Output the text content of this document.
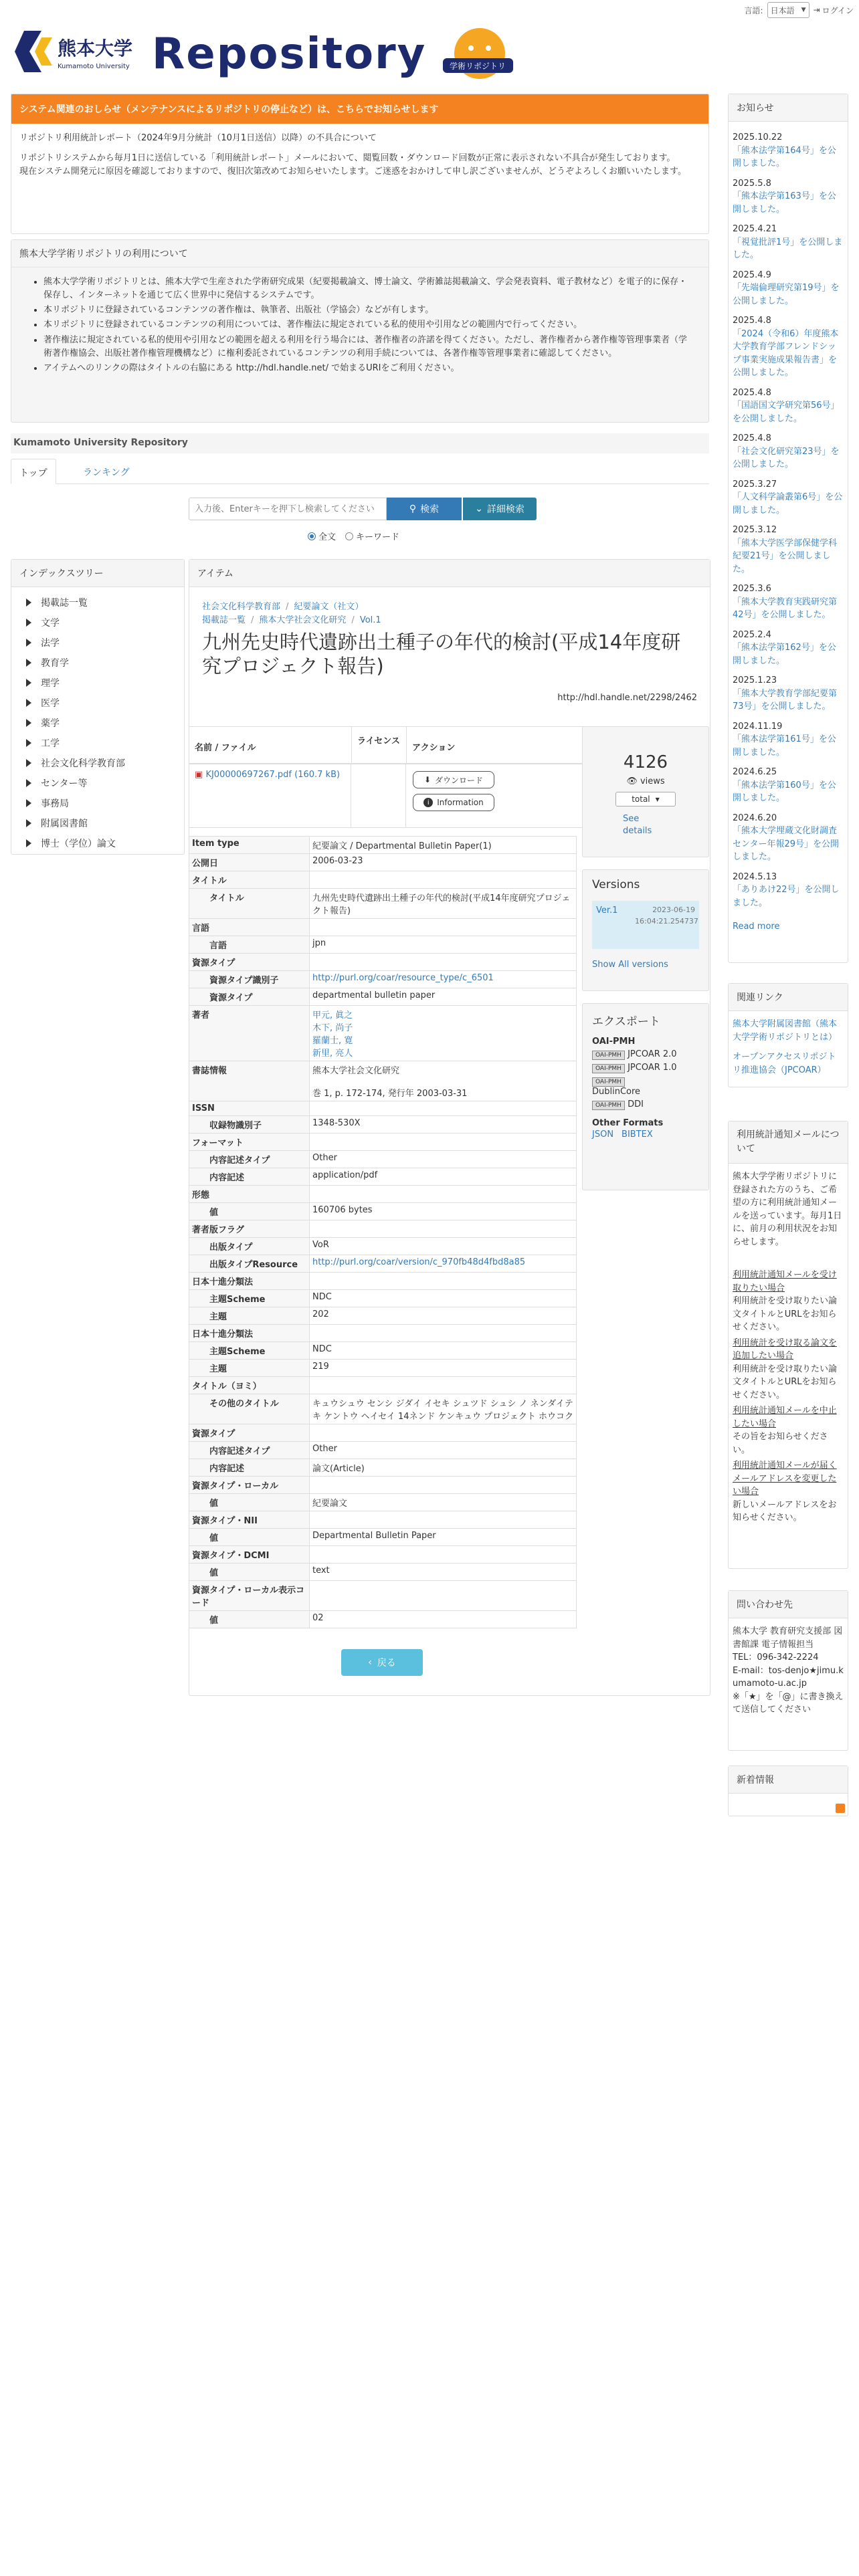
言語: 日本語 ▼ ⇥ ログイン
熊本大学
Kumamoto University Repository	学術リポジトリ
システム関連のおしらせ（メンテナンスによるリポジトリの停止など）は、こちらでお知らせします
リポジトリ利用統計レポート（2024年9月分統計（10月1日送信）以降）の不具合について
リポジトリシステムから毎月1日に送信している「利用統計レポート」メールにおいて、閲覧回数・ダウンロード回数が正常に表示されない不具合が発生しております。
現在システム開発元に原因を確認しておりますので、復旧次第改めてお知らせいたします。ご迷惑をおかけして申し訳ございませんが、どうぞよろしくお願いいたします。
熊本大学学術リポジトリの利用について
• 熊本大学学術リポジトリとは、熊本大学で生産された学術研究成果（紀要掲載論文、博士論文、学術雑誌掲載論文、学会発表資料、電子教材など）を電子的に保存・保存し、インターネットを通じて広く世界中に発信するシステムです。
• 本リポジトリに登録されているコンテンツの著作権は、執筆者、出版社（学協会）などが有します。
• 本リポジトリに登録されているコンテンツの利用については、著作権法に規定されている私的使用や引用などの範囲内で行ってください。
• 著作権法に規定されている私的使用や引用などの範囲を超える利用を行う場合には、著作権者の許諾を得てください。ただし、著作権者から著作権等管理事業者（学術著作権協会、出版社著作権管理機構など）に権利委託されているコンテンツの利用手続については、各著作権等管理事業者に確認してください。
• アイテムへのリンクの際はタイトルの右脇にある http://hdl.handle.net/ で始まるURIをご利用ください。
Kumamoto University Repository
トップ	ランキング
入力後、Enterキーを押下し検索してください
⚲ 検索	⌄ 詳細検索
全文 キーワード
インデックスツリー
掲載誌一覧
文学
法学
教育学
理学
医学
薬学
工学
社会文化科学教育部
センター等
事務局
附属図書館
博士（学位）論文
アイテム
社会文化科学教育部 / 紀要論文（社文）
掲載誌一覧 / 熊本大学社会文化研究 / Vol.1
九州先史時代遺跡出土種子の年代的検討(平成14年度研究プロジェクト報告)
http://hdl.handle.net/2298/2462
名前 / ファイル
ライセンス
アクション
▣ KJ00000697267.pdf (160.7 kB)	⬇ ダウンロード

i Information
4126
👁 views
total ▼
See details
Versions
Ver.1	2023-06-19 16:04:21.254737
Show All versions
エクスポート
OAI-PMH
OAI-PMH JPCOAR 2.0
OAI-PMH JPCOAR 1.0
OAI-PMH
DublinCore
OAI-PMH DDI
Other Formats
JSON BIBTEX
Item type	紀要論文 / Departmental Bulletin Paper(1)
公開日	2006-03-23
タイトル	
タイトル	九州先史時代遺跡出土種子の年代的検討(平成14年度研究プロジェクト報告)
言語	
言語	jpn
資源タイプ	
資源タイプ識別子	http://purl.org/coar/resource_type/c_6501
資源タイプ	departmental bulletin paper
著者	甲元, 眞之
木下, 尚子
羅蘭士, 寛
新里, 亮人
書誌情報	熊本大学社会文化研究

巻 1, p. 172-174, 発行年 2003-03-31
ISSN	
収録物識別子	1348-530X
フォーマット	
内容記述タイプ	Other
内容記述	application/pdf
形態	
値	160706 bytes
著者版フラグ	
出版タイプ	VoR
出版タイプResource	http://purl.org/coar/version/c_970fb48d4fbd8a85
日本十進分類法	
主題Scheme	NDC
主題	202
日本十進分類法	
主題Scheme	NDC
主題	219
タイトル（ヨミ）	
その他のタイトル	キュウシュウ センシ ジダイ イセキ シュツド シュシ ノ ネンダイテキ ケントウ ヘイセイ 14ネンド ケンキュウ プロジェクト ホウコク
資源タイプ	
内容記述タイプ	Other
内容記述	論文(Article)
資源タイプ・ローカル	
値	紀要論文
資源タイプ・NII	
値	Departmental Bulletin Paper
資源タイプ・DCMI	
値	text
資源タイプ・ローカル表示コード	
値	02
‹ 戻る
お知らせ
2025.10.22
「熊本法学第164号」を公開しました。
2025.5.8
「熊本法学第163号」を公開しました。
2025.4.21
「視覚批評1号」を公開しました。
2025.4.9
「先端倫理研究第19号」を公開しました。
2025.4.8
「2024（令和6）年度熊本大学教育学部フレンドシップ事業実施成果報告書」を公開しました。
2025.4.8
「国語国文学研究第56号」を公開しました。
2025.4.8
「社会文化研究第23号」を公開しました。
2025.3.27
「人文科学論叢第6号」を公開しました。
2025.3.12
「熊本大学医学部保健学科紀要21号」を公開しました。
2025.3.6
「熊本大学教育実践研究第42号」を公開しました。
2025.2.4
「熊本法学第162号」を公開しました。
2025.1.23
「熊本大学教育学部紀要第73号」を公開しました。
2024.11.19
「熊本法学第161号」を公開しました。
2024.6.25
「熊本法学第160号」を公開しました。
2024.6.20
「熊本大学埋蔵文化財調査センター年報29号」を公開しました。
2024.5.13
「ありあけ22号」を公開しました。
Read more
関連リンク
熊本大学附属図書館（熊本大学学術リポジトリとは）
オープンアクセスリポジトリ推進協会（JPCOAR）
利用統計通知メールについて
熊本大学学術リポジトリに登録された方のうち、ご希望の方に利用統計通知メールを送っています。毎月1日に、前月の利用状況をお知らせします。
利用統計通知メールを受け取りたい場合
利用統計を受け取りたい論文タイトルとURLをお知らせください。
利用統計を受け取る論文を追加したい場合
利用統計を受け取りたい論文タイトルとURLをお知らせください。
利用統計通知メールを中止したい場合
その旨をお知らせください。
利用統計通知メールが届くメールアドレスを変更したい場合
新しいメールアドレスをお知らせください。
問い合わせ先
熊本大学 教育研究支援部 図書館課 電子情報担当
TEL：096-342-2224
E-mail：tos-denjo★jimu.kumamoto-u.ac.jp
※「★」を「@」に書き換えて送信してください
新着情報
